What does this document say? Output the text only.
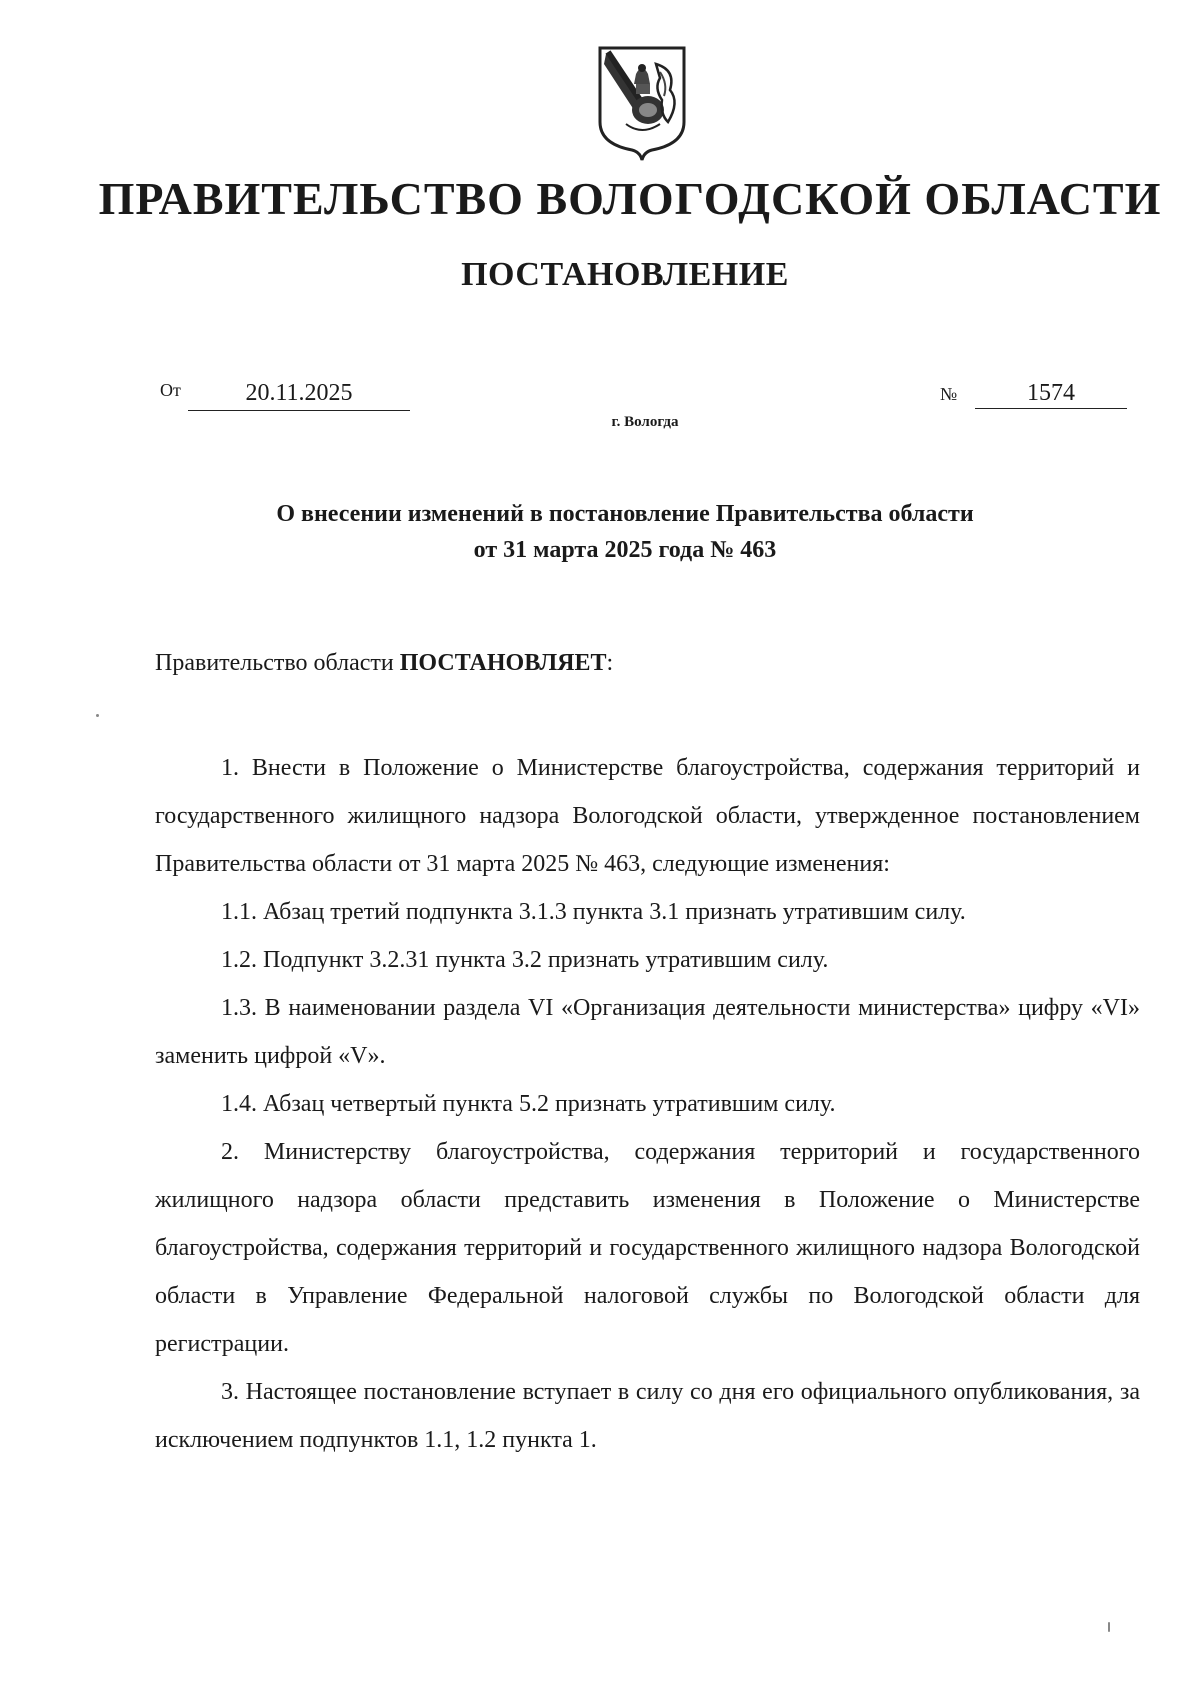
ПРАВИТЕЛЬСТВО ВОЛОГОДСКОЙ ОБЛАСТИ
ПОСТАНОВЛЕНИЕ
От	20.11.2025	№	1574
г. Вологда
О внесении изменений в постановление Правительства области
от 31 марта 2025 года № 463
Правительство области ПОСТАНОВЛЯЕТ:

1. Внести в Положение о Министерстве благоустройства, содержания территорий и государственного жилищного надзора Вологодской области, утвержденное постановлением Правительства области от 31 марта 2025 № 463, следующие изменения:

1.1. Абзац третий подпункта 3.1.3 пункта 3.1 признать утратившим силу.

1.2. Подпункт 3.2.31 пункта 3.2 признать утратившим силу.

1.3. В наименовании раздела VI «Организация деятельности министерства» цифру «VI» заменить цифрой «V».

1.4. Абзац четвертый пункта 5.2 признать утратившим силу.

2. Министерству благоустройства, содержания территорий и государственного жилищного надзора области представить изменения в Положение о Министерстве благоустройства, содержания территорий и государственного жилищного надзора Вологодской области в Управление Федеральной налоговой службы по Вологодской области для регистрации.

3. Настоящее постановление вступает в силу со дня его официального опубликования, за исключением подпунктов 1.1, 1.2 пункта 1.
